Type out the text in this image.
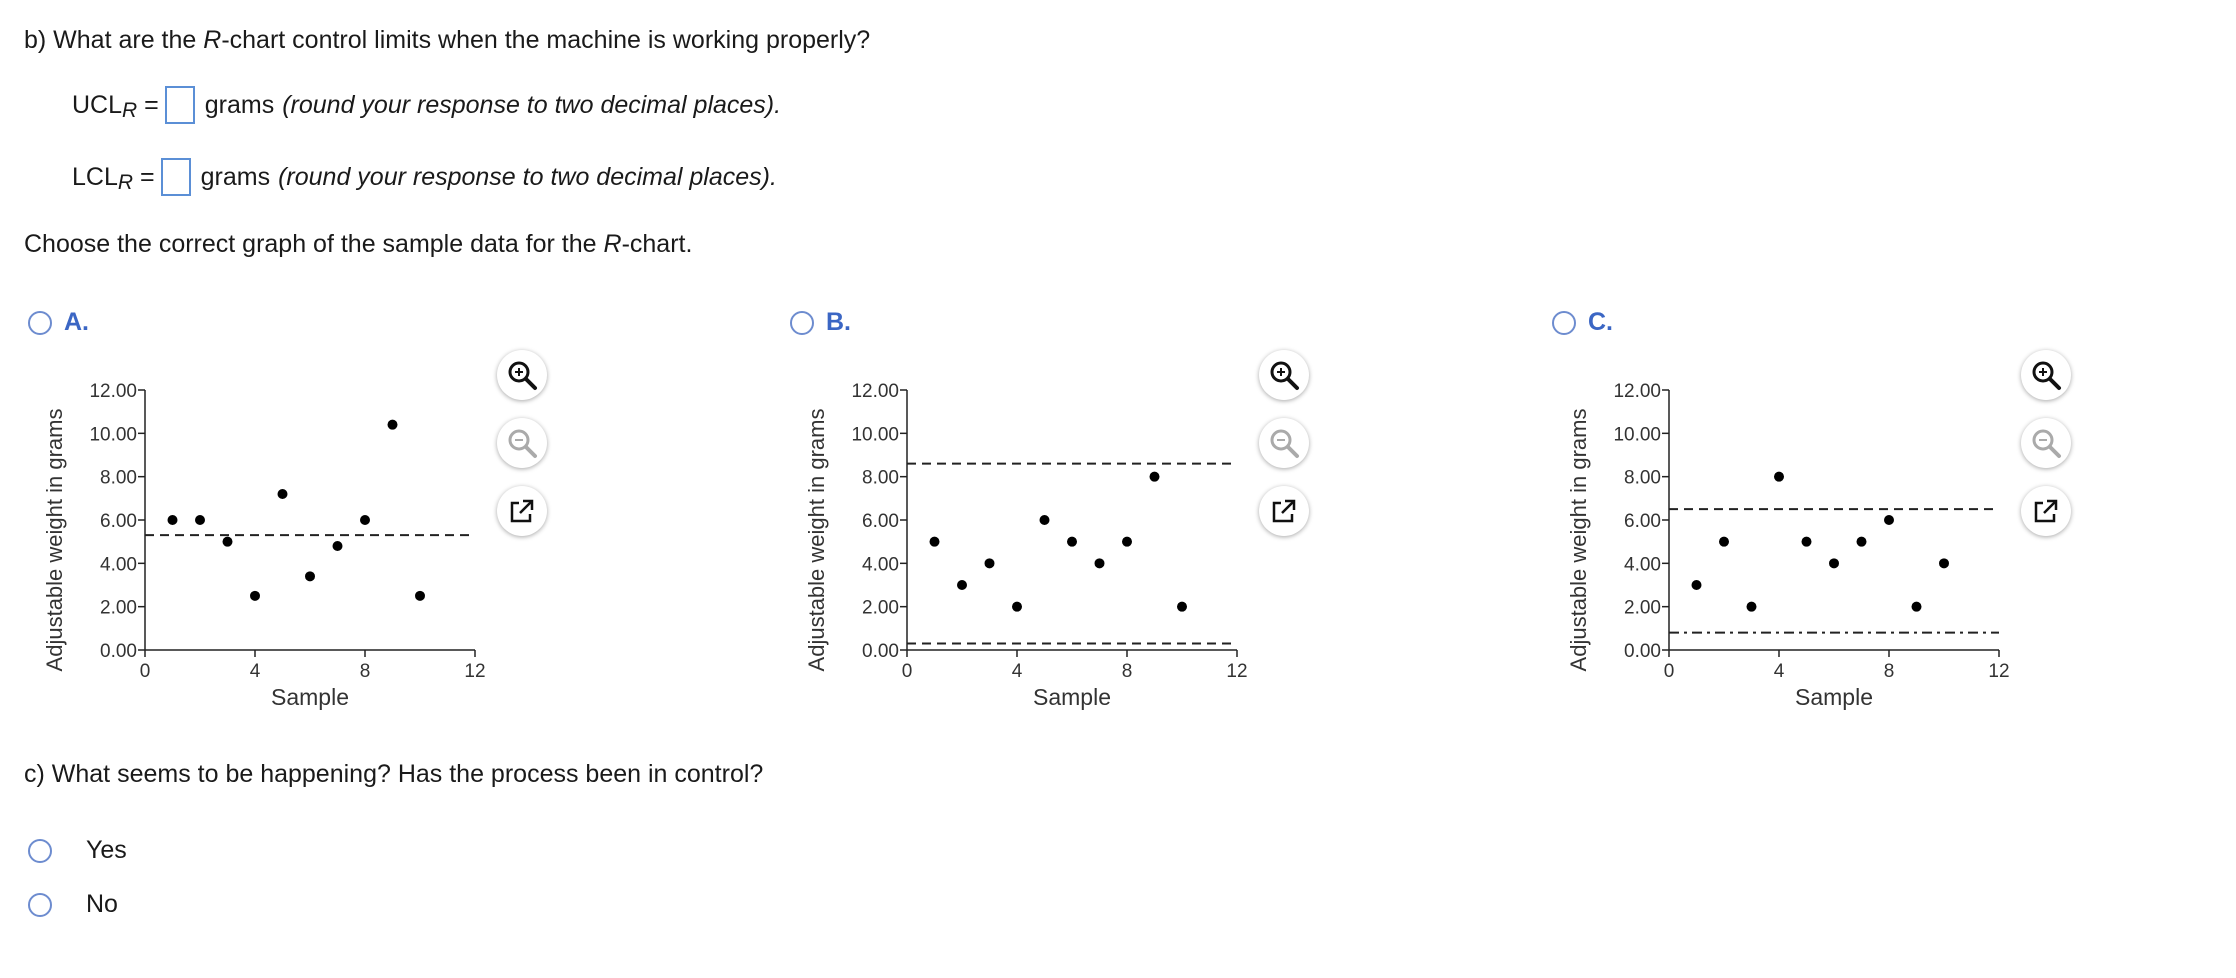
b) What are the R-chart control limits when the machine is working properly?
$UCL_R$ = grams (round your response to two decimal places).
$LCL_R$ = grams (round your response to two decimal places).
Choose the correct graph of the sample data for the R-chart.
A.	B.	C.
0.00
2.00
4.00
6.00
8.00
10.00
12.00
0	4	8	12
Sample
Adjustable weight in grams	0.00
2.00
4.00
6.00
8.00
10.00
12.00
0	4	8	12
Sample
Adjustable weight in grams	0.00
2.00
4.00
6.00
8.00
10.00
12.00
0	4	8	12
Sample
Adjustable weight in grams
c) What seems to be happening? Has the process been in control?
Yes
No
